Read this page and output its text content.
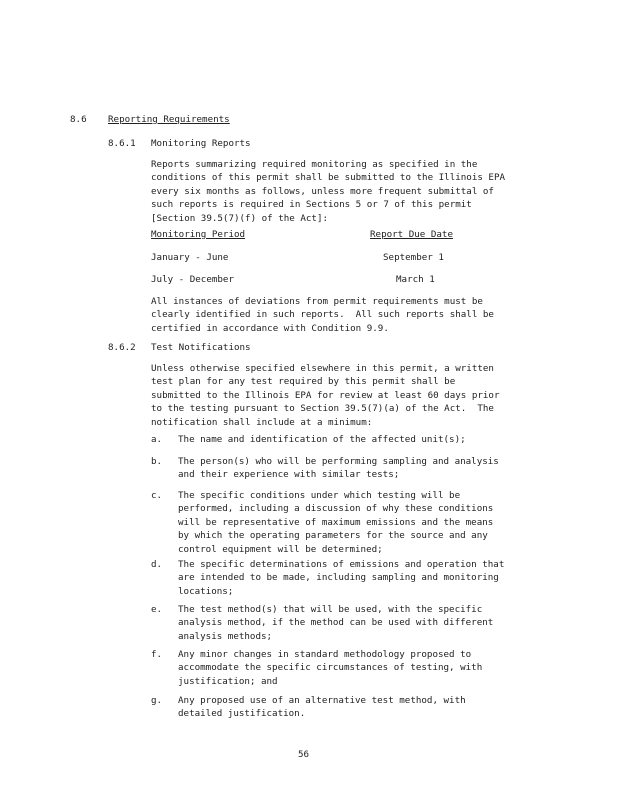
8.6 Reporting Requirements
8.6.1 Monitoring Reports
Reports summarizing required monitoring as specified in the
conditions of this permit shall be submitted to the Illinois EPA
every six months as follows, unless more frequent submittal of
such reports is required in Sections 5 or 7 of this permit
[Section 39.5(7)(f) of the Act]:
Monitoring Period	Report Due Date
January - June	September 1
July - December	March 1
All instances of deviations from permit requirements must be
clearly identified in such reports.  All such reports shall be
certified in accordance with Condition 9.9.
8.6.2 Test Notifications
Unless otherwise specified elsewhere in this permit, a written
test plan for any test required by this permit shall be
submitted to the Illinois EPA for review at least 60 days prior
to the testing pursuant to Section 39.5(7)(a) of the Act.  The
notification shall include at a minimum:
a. The name and identification of the affected unit(s);
b. The person(s) who will be performing sampling and analysis
and their experience with similar tests;
c. The specific conditions under which testing will be
performed, including a discussion of why these conditions
will be representative of maximum emissions and the means
by which the operating parameters for the source and any
control equipment will be determined;
d. The specific determinations of emissions and operation that
are intended to be made, including sampling and monitoring
locations;
e. The test method(s) that will be used, with the specific
analysis method, if the method can be used with different
analysis methods;
f. Any minor changes in standard methodology proposed to
accommodate the specific circumstances of testing, with
justification; and
g. Any proposed use of an alternative test method, with
detailed justification.
56
